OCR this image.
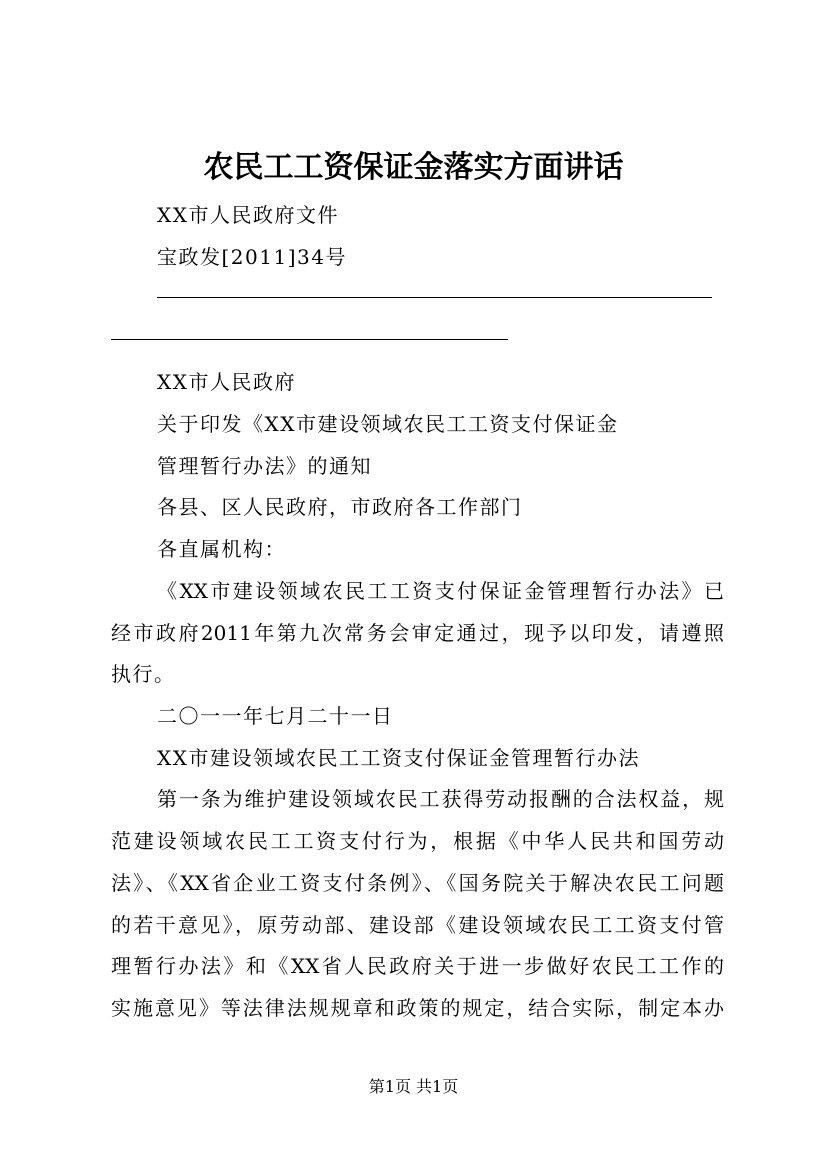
农民工工资保证金落实方面讲话
XX市人民政府文件
宝政发[2011]34号
XX市人民政府
关于印发《XX市建设领域农民工工资支付保证金
管理暂行办法》的通知
各县、区人民政府，市政府各工作部门
各直属机构：
《XX市建设领域农民工工资支付保证金管理暂行办法》已
经市政府2011年第九次常务会审定通过，现予以印发，请遵照
执行。
二〇一一年七月二十一日
XX市建设领域农民工工资支付保证金管理暂行办法
第一条为维护建设领域农民工获得劳动报酬的合法权益，规
范建设领域农民工工资支付行为，根据《中华人民共和国劳动
法》、《XX省企业工资支付条例》、《国务院关于解决农民工问题
的若干意见》，原劳动部、建设部《建设领域农民工工资支付管
理暂行办法》和《XX省人民政府关于进一步做好农民工工作的
实施意见》等法律法规规章和政策的规定，结合实际，制定本办
第1页 共1页
